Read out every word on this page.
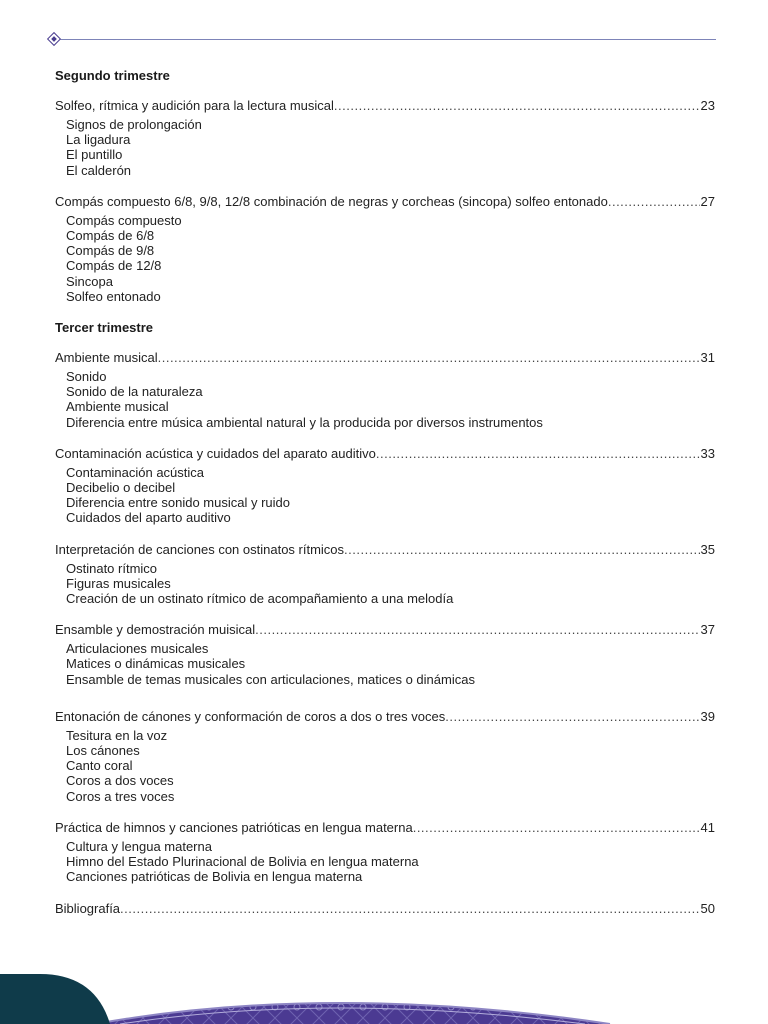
Segundo trimestre
Solfeo, rítmica y audición para la lectura musical .....	23
Signos de prolongación
La ligadura
El puntillo
El calderón
Compás compuesto 6/8, 9/8, 12/8 combinación de negras y corcheas (sincopa) solfeo entonado .....	27
Compás compuesto
Compás de 6/8
Compás de 9/8
Compás de 12/8
Sincopa
Solfeo entonado
Tercer trimestre
Ambiente musical .....	31
Sonido
Sonido de la naturaleza
Ambiente musical
Diferencia entre música ambiental natural y la producida por diversos instrumentos
Contaminación acústica y cuidados del aparato auditivo .....	33
Contaminación acústica
Decibelio o decibel
Diferencia entre sonido musical y ruido
Cuidados del aparto auditivo
Interpretación de canciones con ostinatos rítmicos .....	35
Ostinato rítmico
Figuras musicales
Creación de un ostinato rítmico de acompañamiento a una melodía
Ensamble y demostración muisical .....	37
Articulaciones musicales
Matices o dinámicas musicales
Ensamble de temas musicales con articulaciones, matices o dinámicas
Entonación de cánones y conformación de coros a dos o tres voces .....	39
Tesitura en la voz
Los cánones
Canto coral
Coros a dos voces
Coros a tres voces
Práctica de himnos y canciones patrióticas en lengua materna .....	41
Cultura y lengua materna
Himno del Estado Plurinacional de Bolivia en lengua materna
Canciones patrióticas de Bolivia en lengua materna
Bibliografía .....	50
